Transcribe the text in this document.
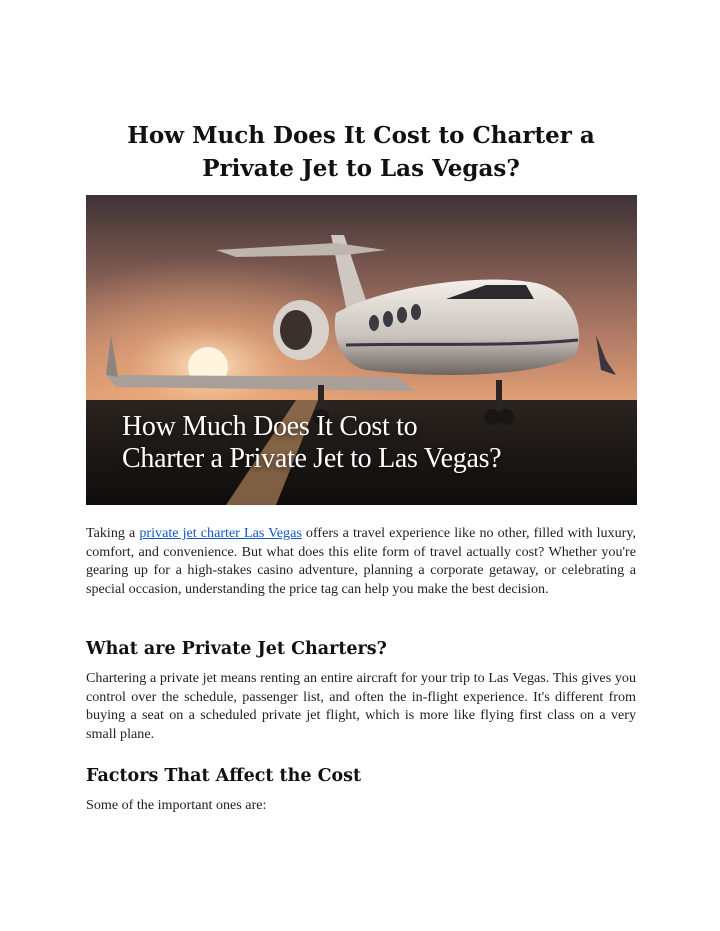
How Much Does It Cost to Charter a Private Jet to Las Vegas?
How Much Does It Cost to
Charter a Private Jet to Las Vegas?

Taking a private jet charter Las Vegas offers a travel experience like no other, filled with luxury, comfort, and convenience. But what does this elite form of travel actually cost? Whether you're gearing up for a high-stakes casino adventure, planning a corporate getaway, or celebrating a special occasion, understanding the price tag can help you make the best decision.

What are Private Jet Charters?

Chartering a private jet means renting an entire aircraft for your trip to Las Vegas. This gives you control over the schedule, passenger list, and often the in-flight experience. It's different from buying a seat on a scheduled private jet flight, which is more like flying first class on a very small plane.

Factors That Affect the Cost

Some of the important ones are:
